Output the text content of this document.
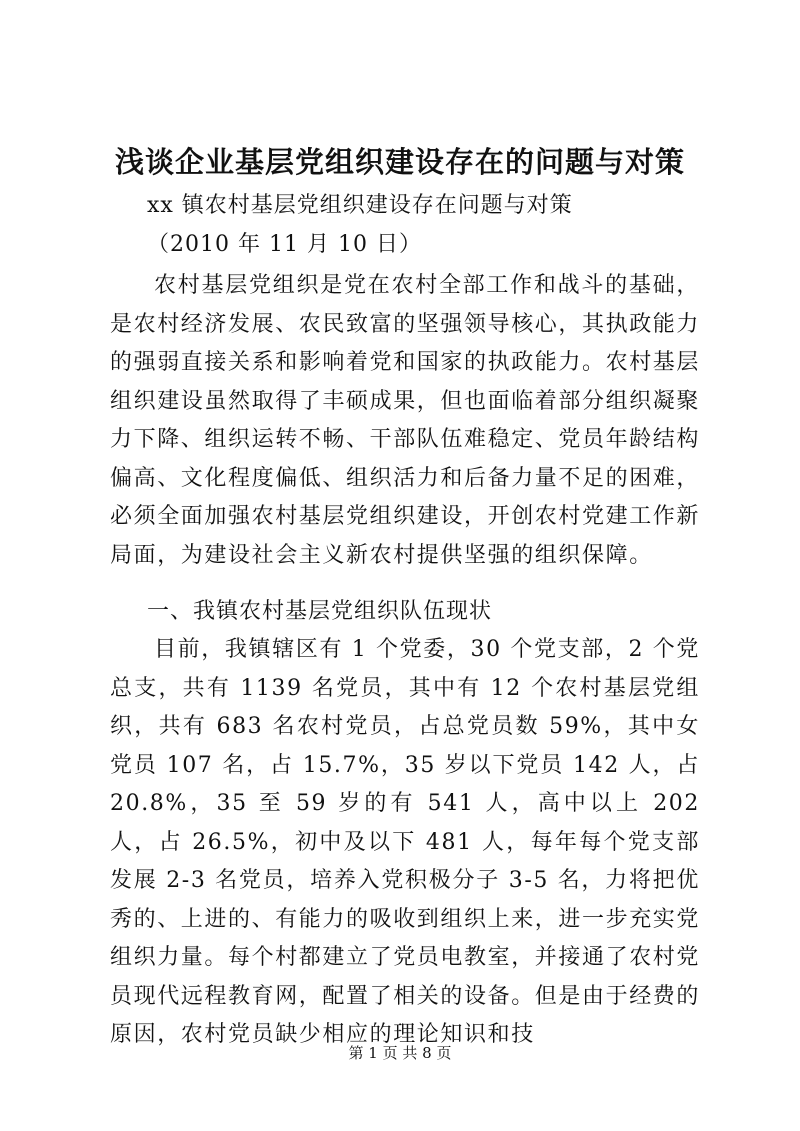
浅谈企业基层党组织建设存在的问题与对策
xx 镇农村基层党组织建设存在问题与对策
（2010 年 11 月 10 日）

农村基层党组织是党在农村全部工作和战斗的基础，是农村经济发展、农民致富的坚强领导核心，其执政能力的强弱直接关系和影响着党和国家的执政能力。农村基层组织建设虽然取得了丰硕成果，但也面临着部分组织凝聚力下降、组织运转不畅、干部队伍难稳定、党员年龄结构偏高、文化程度偏低、组织活力和后备力量不足的困难，必须全面加强农村基层党组织建设，开创农村党建工作新局面，为建设社会主义新农村提供坚强的组织保障。

一、我镇农村基层党组织队伍现状

目前，我镇辖区有 1 个党委，30 个党支部，2 个党总支，共有 1139 名党员，其中有 12 个农村基层党组织，共有 683 名农村党员，占总党员数 59%，其中女党员 107 名，占 15.7%，35 岁以下党员 142 人，占 20.8%，35 至 59 岁的有 541 人，高中以上 202 人，占 26.5%，初中及以下 481 人，每年每个党支部发展 2-3 名党员，培养入党积极分子 3-5 名，力将把优秀的、上进的、有能力的吸收到组织上来，进一步充实党组织力量。每个村都建立了党员电教室，并接通了农村党员现代远程教育网，配置了相关的设备。但是由于经费的原因，农村党员缺少相应的理论知识和技

第 1 页 共 8 页
